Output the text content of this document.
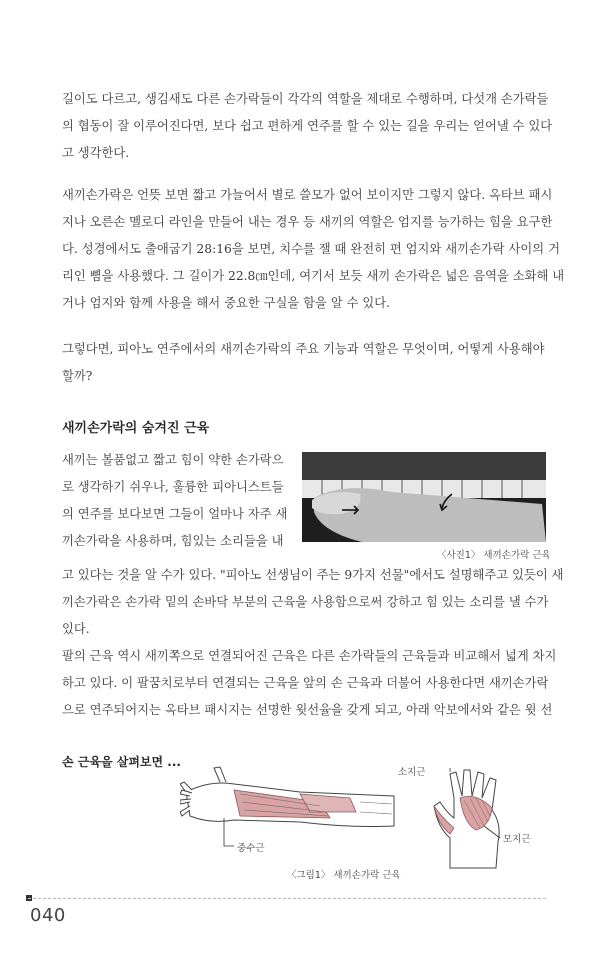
길이도 다르고, 생김새도 다른 손가락들이 각각의 역할을 제대로 수행하며, 다섯개 손가락들
의 협동이 잘 이루어진다면, 보다 쉽고 편하게 연주를 할 수 있는 길을 우리는 얻어낼 수 있다
고 생각한다.
새끼손가락은 언뜻 보면 짧고 가늘어서 별로 쓸모가 없어 보이지만 그렇지 않다. 옥타브 패시
지나 오른손 멜로디 라인을 만들어 내는 경우 등 새끼의 역할은 엄지를 능가하는 힘을 요구한
다. 성경에서도 출애굽기 28:16을 보면, 치수를 잴 때 완전히 편 엄지와 새끼손가락 사이의 거
리인 뼘을 사용했다. 그 길이가 22.8㎝인데, 여기서 보듯 새끼 손가락은 넓은 음역을 소화해 내
거나 엄지와 함께 사용을 해서 중요한 구실을 함을 알 수 있다.
그렇다면, 피아노 연주에서의 새끼손가락의 주요 기능과 역할은 무엇이며, 어떻게 사용해야
할까?
새끼손가락의 숨겨진 근육
새끼는 볼품없고 짧고 힘이 약한 손가락으
로 생각하기 쉬우나, 훌륭한 피아니스트들
의 연주를 보다보면 그들이 얼마나 자주 새
끼손가락을 사용하며, 힘있는 소리들을 내
〈사진1〉 새끼손가락 근육
고 있다는 것을 알 수가 있다. "피아노 선생님이 주는 9가지 선물"에서도 설명해주고 있듯이 새
끼손가락은 손가락 밑의 손바닥 부분의 근육을 사용함으로써 강하고 힘 있는 소리를 낼 수가
있다.
팔의 근육 역시 새끼쪽으로 연결되어진 근육은 다른 손가락들의 근육들과 비교해서 넓게 차지
하고 있다. 이 팔꿈치로부터 연결되는 근육을 앞의 손 근육과 더불어 사용한다면 새끼손가락
으로 연주되어지는 옥타브 패시지는 선명한 윗선율을 갖게 되고, 아래 악보에서와 같은 윗 선
손 근육을 살펴보면 ...
중수근
소지근
모지근
〈그림1〉 새끼손가락 근육
040
